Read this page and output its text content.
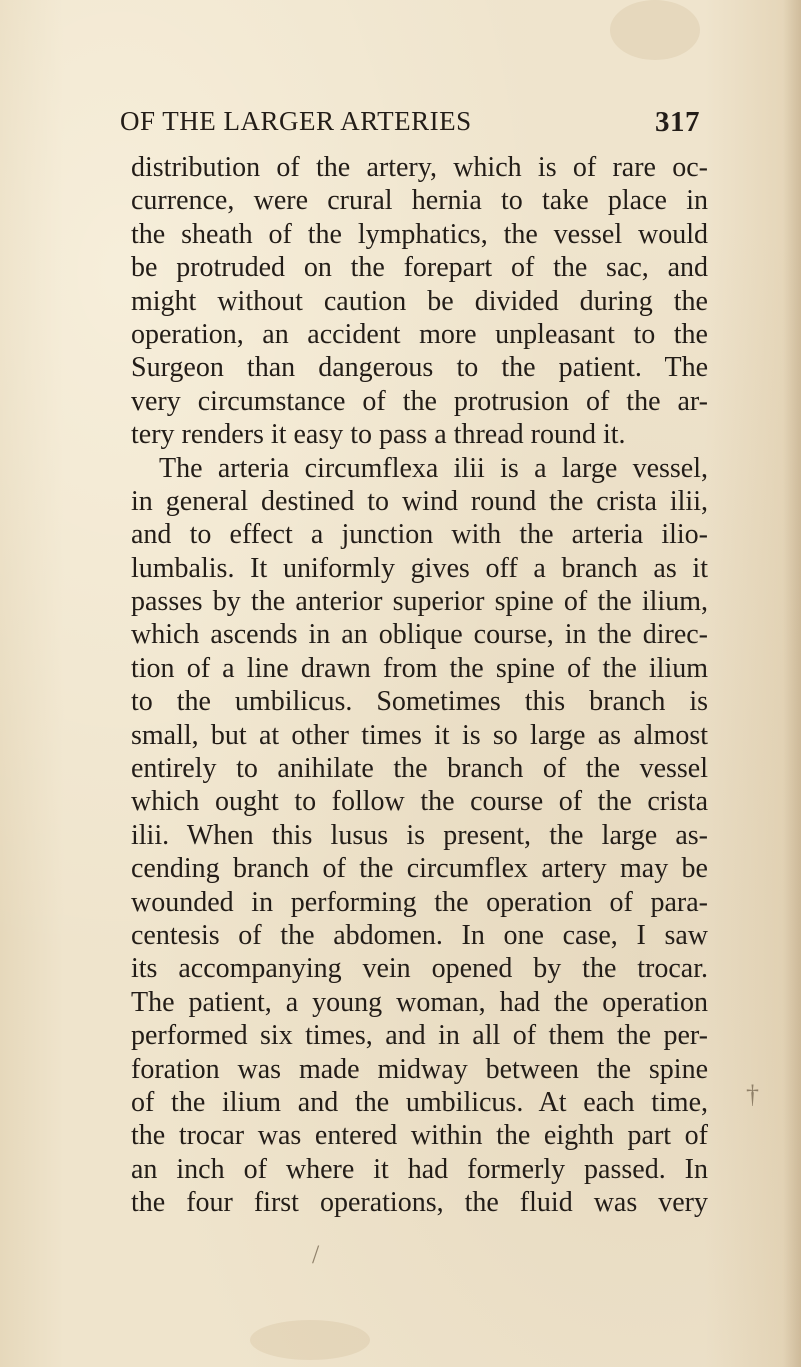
OF THE LARGER ARTERIES	317
distribution of the artery, which is of rare oc-
currence, were crural hernia to take place in
the sheath of the lymphatics, the vessel would
be protruded on the forepart of the sac, and
might without caution be divided during the
operation, an accident more unpleasant to the
Surgeon than dangerous to the patient. The
very circumstance of the protrusion of the ar-
tery renders it easy to pass a thread round it.
The arteria circumflexa ilii is a large vessel,
in general destined to wind round the crista ilii,
and to effect a junction with the arteria ilio-
lumbalis. It uniformly gives off a branch as it
passes by the anterior superior spine of the ilium,
which ascends in an oblique course, in the direc-
tion of a line drawn from the spine of the ilium
to the umbilicus. Sometimes this branch is
small, but at other times it is so large as almost
entirely to anihilate the branch of the vessel
which ought to follow the course of the crista
ilii. When this lusus is present, the large as-
cending branch of the circumflex artery may be
wounded in performing the operation of para-
centesis of the abdomen. In one case, I saw
its accompanying vein opened by the trocar.
The patient, a young woman, had the operation
performed six times, and in all of them the per-
foration was made midway between the spine
of the ilium and the umbilicus. At each time,
the trocar was entered within the eighth part of
an inch of where it had formerly passed. In
the four first operations, the fluid was very
†
/
